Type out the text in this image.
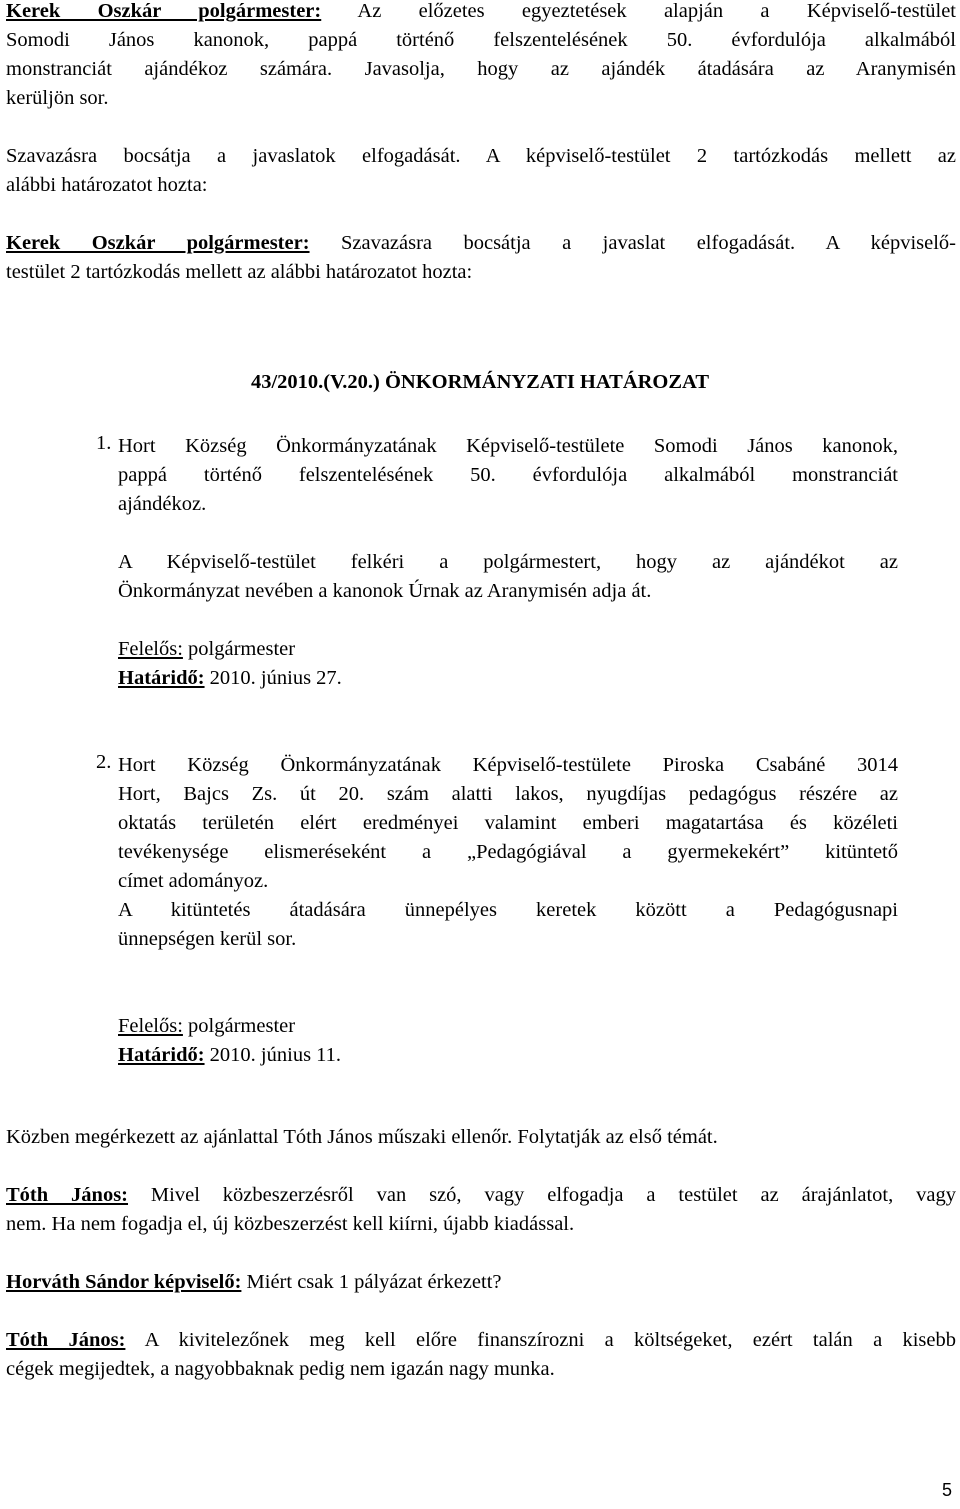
Kerek Oszkár polgármester: Az előzetes egyeztetések alapján a Képviselő-testület

Somodi János kanonok, pappá történő felszentelésének 50. évfordulója alkalmából

monstranciát ajándékoz számára. Javasolja, hogy az ajándék átadására az Aranymisén

kerüljön sor.

Szavazásra bocsátja a javaslatok elfogadását. A képviselő-testület 2 tartózkodás mellett az

alábbi határozatot hozta:

Kerek Oszkár polgármester: Szavazásra bocsátja a javaslat elfogadását. A képviselő-

testület 2 tartózkodás mellett az alábbi határozatot hozta:

43/2010.(V.20.) ÖNKORMÁNYZATI HATÁROZAT
1. Hort Község Önkormányzatának Képviselő-testülete Somodi János kanonok,

pappá történő felszentelésének 50. évfordulója alkalmából monstranciát

ajándékoz.

A Képviselő-testület felkéri a polgármestert, hogy az ajándékot az

Önkormányzat nevében a kanonok Úrnak az Aranymisén adja át.

Felelős: polgármester

Határidő: 2010. június 27.

2. Hort Község Önkormányzatának Képviselő-testülete Piroska Csabáné 3014

Hort, Bajcs Zs. út 20. szám alatti lakos, nyugdíjas pedagógus részére az

oktatás területén elért eredményei valamint emberi magatartása és közéleti

tevékenysége elismeréseként a „Pedagógiával a gyermekekért” kitüntető

címet adományoz.

A kitüntetés átadására ünnepélyes keretek között a Pedagógusnapi

ünnepségen kerül sor.

Felelős: polgármester

Határidő: 2010. június 11.

Közben megérkezett az ajánlattal Tóth János műszaki ellenőr. Folytatják az első témát.

Tóth János: Mivel közbeszerzésről van szó, vagy elfogadja a testület az árajánlatot, vagy

nem. Ha nem fogadja el, új közbeszerzést kell kiírni, újabb kiadással.

Horváth Sándor képviselő: Miért csak 1 pályázat érkezett?

Tóth János: A kivitelezőnek meg kell előre finanszírozni a költségeket, ezért talán a kisebb

cégek megijedtek, a nagyobbaknak pedig nem igazán nagy munka.

5
